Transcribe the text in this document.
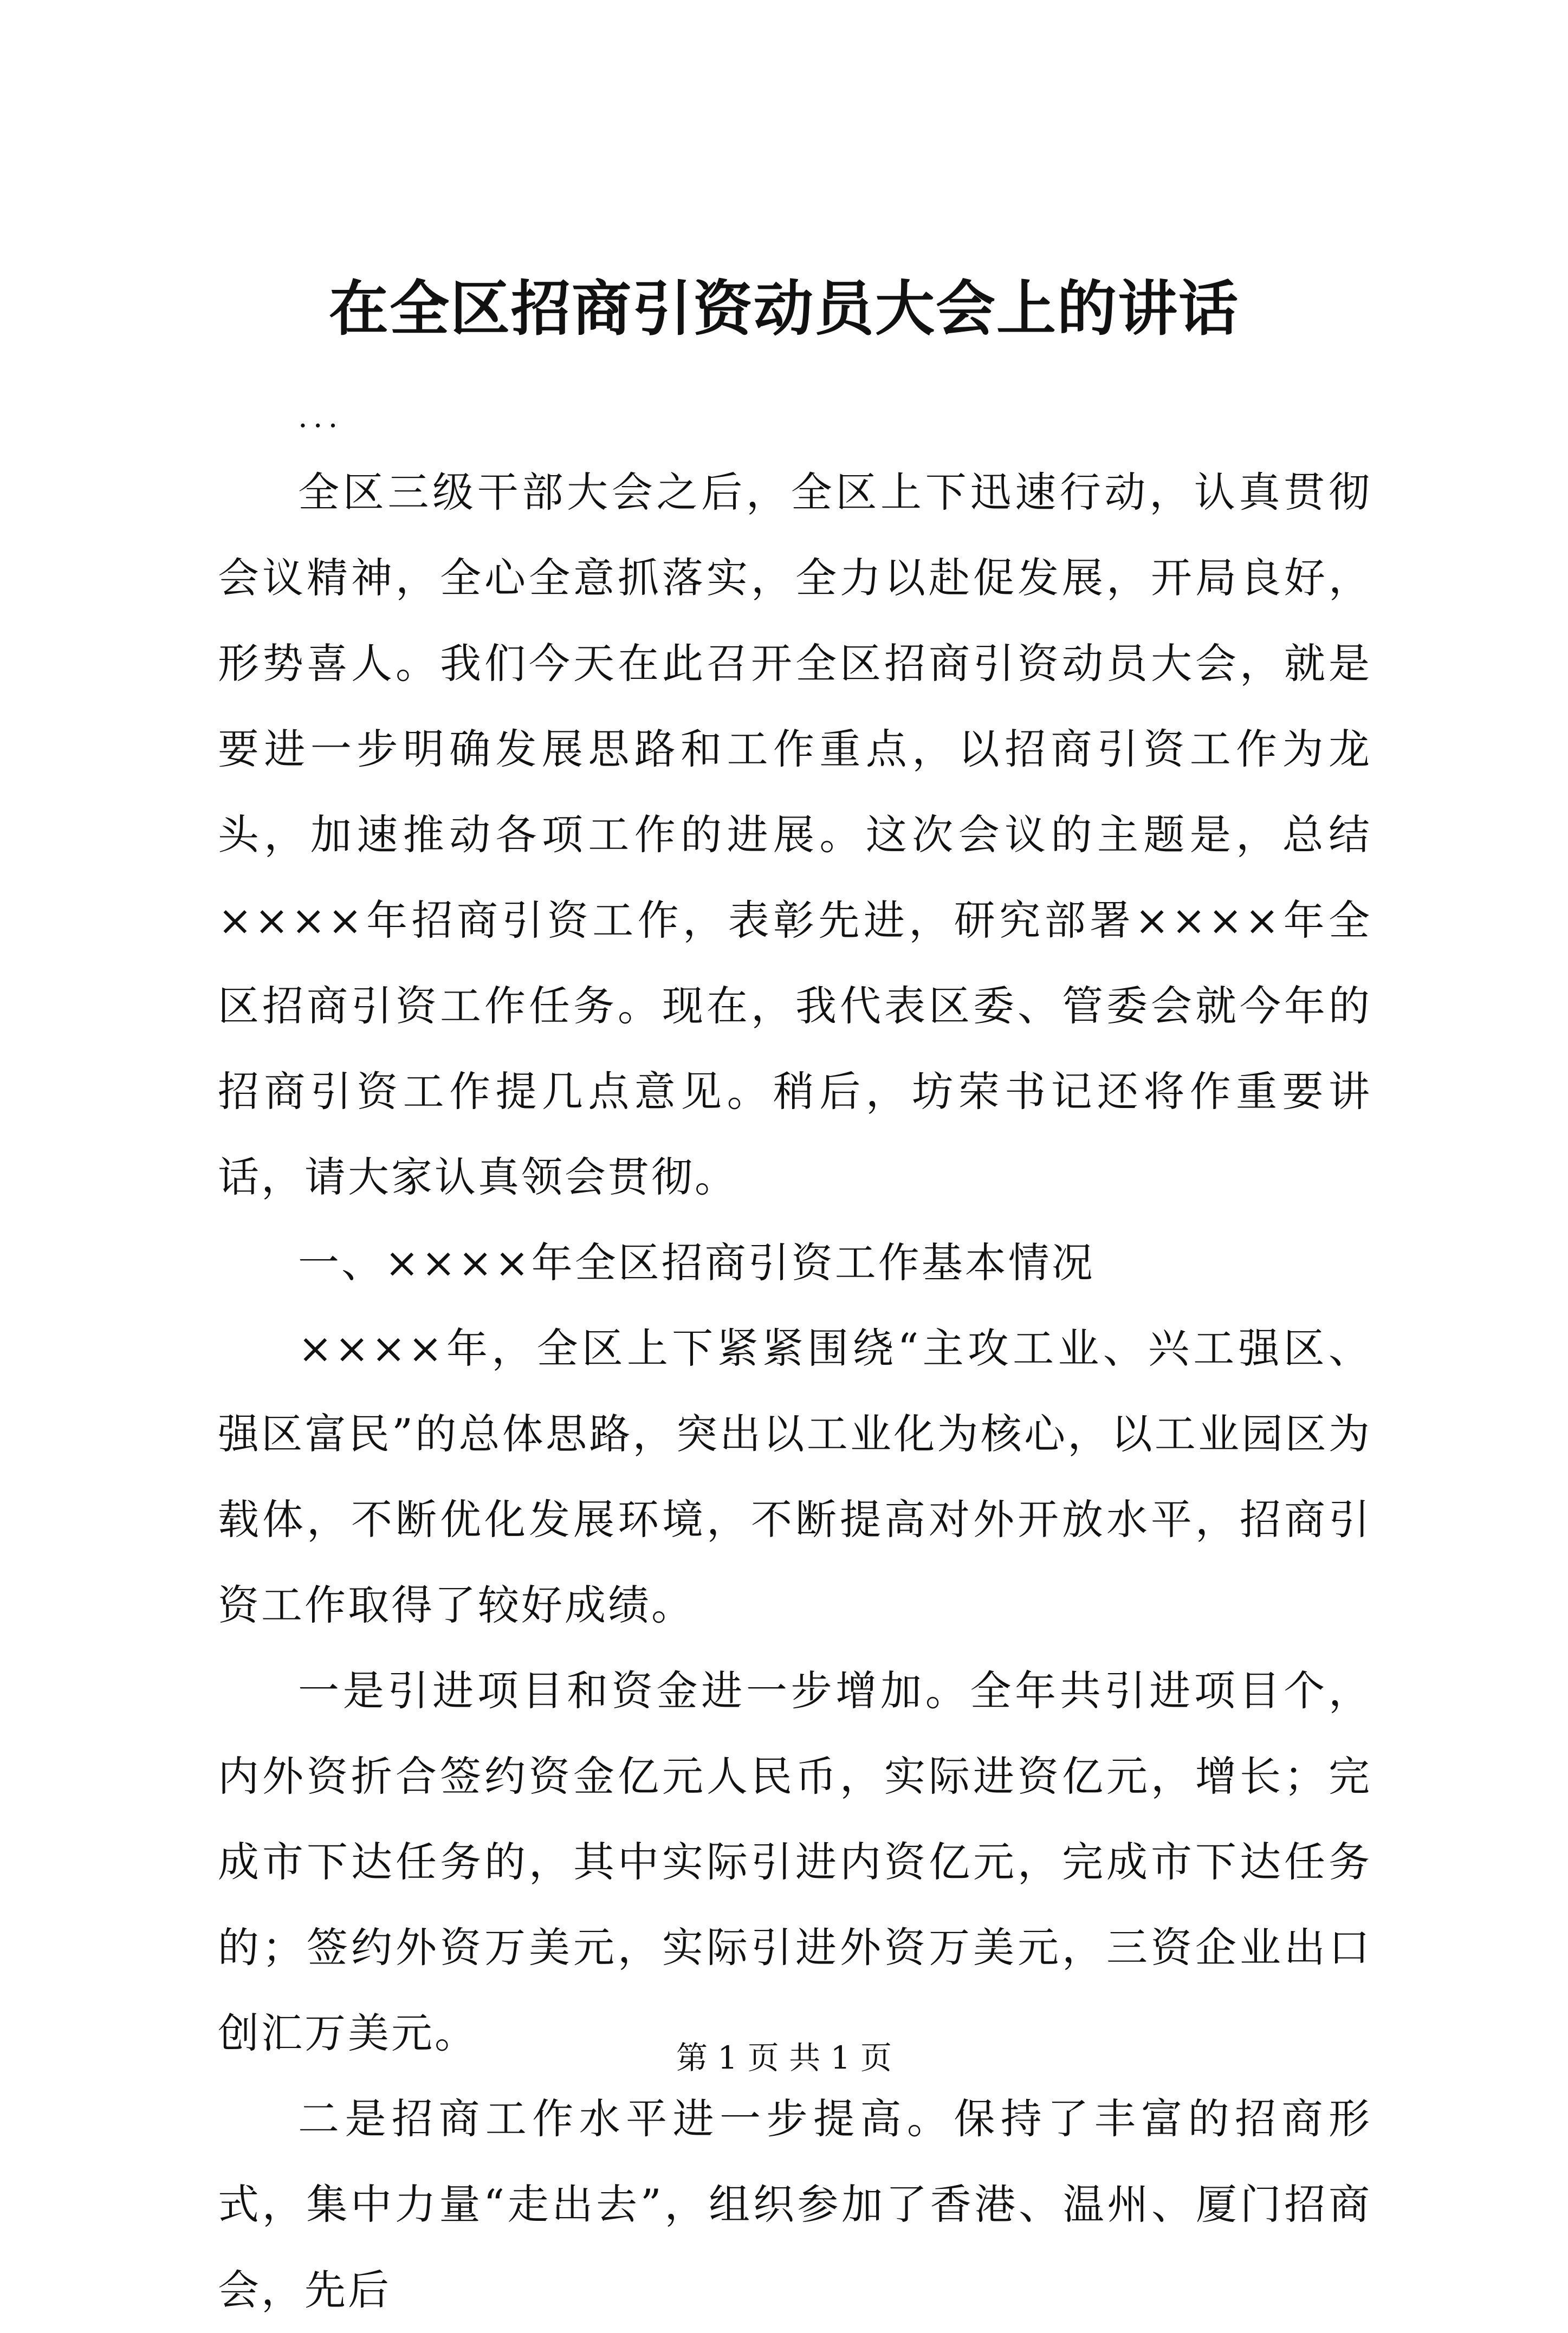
在全区招商引资动员大会上的讲话

...

全区三级干部大会之后，全区上下迅速行动，认真贯彻会议精神，全心全意抓落实，全力以赴促发展，开局良好，形势喜人。我们今天在此召开全区招商引资动员大会，就是要进一步明确发展思路和工作重点，以招商引资工作为龙头，加速推动各项工作的进展。这次会议的主题是，总结××××年招商引资工作，表彰先进，研究部署××××年全区招商引资工作任务。现在，我代表区委、管委会就今年的招商引资工作提几点意见。稍后，坊荣书记还将作重要讲话，请大家认真领会贯彻。

一、××××年全区招商引资工作基本情况

××××年，全区上下紧紧围绕“主攻工业、兴工强区、强区富民”的总体思路，突出以工业化为核心，以工业园区为载体，不断优化发展环境，不断提高对外开放水平，招商引资工作取得了较好成绩。

一是引进项目和资金进一步增加。全年共引进项目个，内外资折合签约资金亿元人民币，实际进资亿元，增长；完成市下达任务的，其中实际引进内资亿元，完成市下达任务的；签约外资万美元，实际引进外资万美元，三资企业出口创汇万美元。

二是招商工作水平进一步提高。保持了丰富的招商形式，集中力量“走出去”，组织参加了香港、温州、厦门招商会，先后

第 1 页 共 1 页
